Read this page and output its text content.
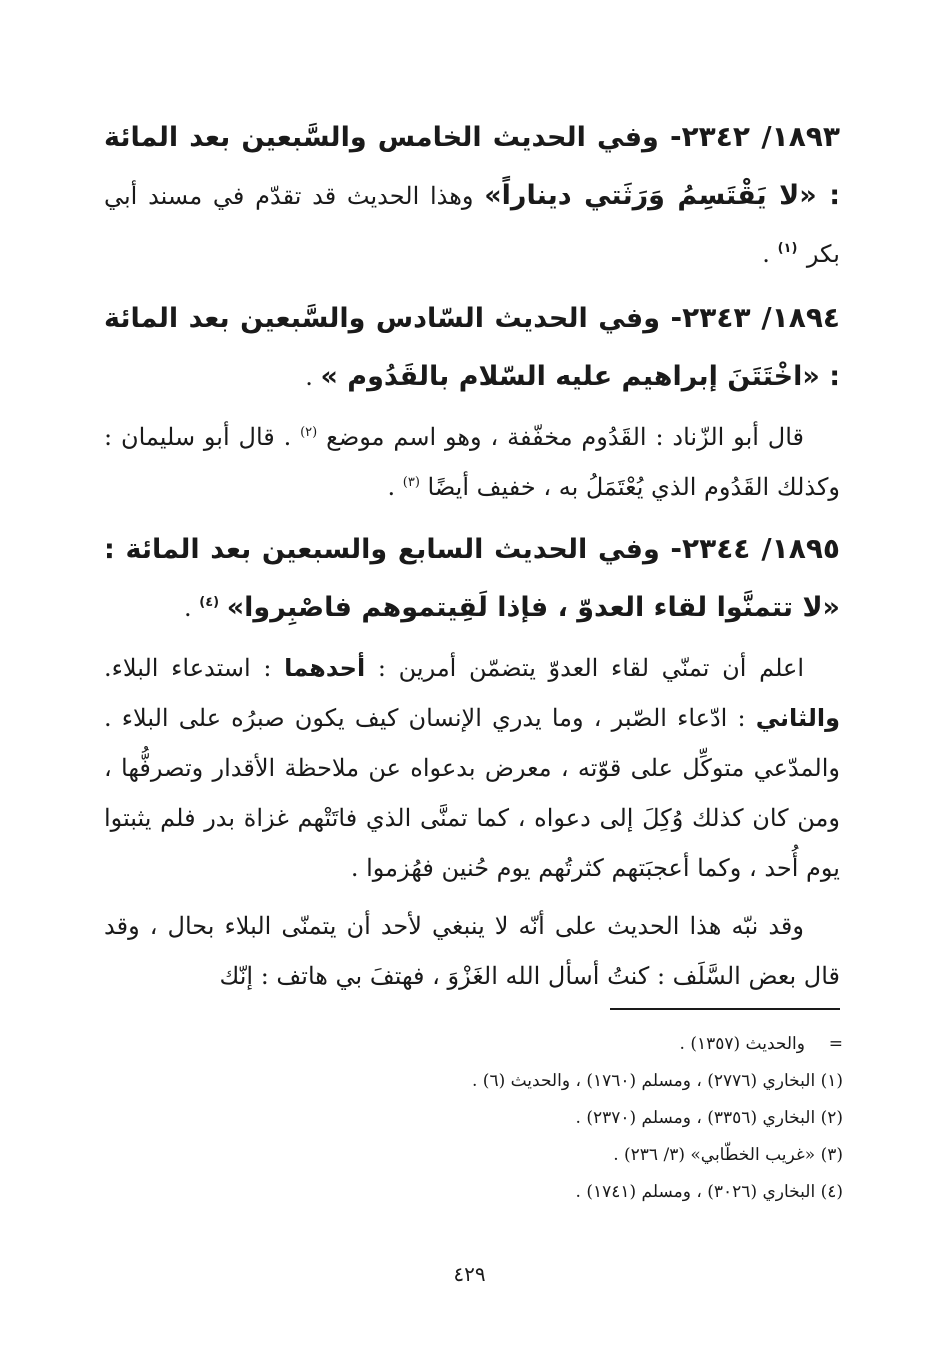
١٨٩٣/ ٢٣٤٢- وفي الحديث الخامس والسَّبعين بعد المائة : «لا يَقْتَسِمُ وَرَثَتي ديناراً» وهذا الحديث قد تقدّم في مسند أبي بكر $^{(١)}$ .

١٨٩٤/ ٢٣٤٣- وفي الحديث السّادس والسَّبعين بعد المائة : «اخْتَتَنَ إبراهيم عليه السّلام بالقَدُوم » .

قال أبو الزّناد : القَدُوم مخفّفة ، وهو اسم موضع $^{(٢)}$ . قال أبو سليمان : وكذلك القَدُوم الذي يُعْتَمَلُ به ، خفيف أيضًا $^{(٣)}$ .

١٨٩٥/ ٢٣٤٤- وفي الحديث السابع والسبعين بعد المائة : «لا تتمنَّوا لقاء العدوّ ، فإذا لَقِيتموهم فاصْبِروا» $^{(٤)}$ .

اعلم أن تمنّي لقاء العدوّ يتضمّن أمرين : أحدهما : استدعاء البلاء. والثاني : ادّعاء الصّبر ، وما يدري الإنسان كيف يكون صبرُه على البلاء . والمدّعي متوكِّل على قوّته ، معرض بدعواه عن ملاحظة الأقدار وتصرفُّها ، ومن كان كذلك وُكِلَ إلى دعواه ، كما تمنَّى الذي فاتَتْهم غزاة بدر فلم يثبتوا يوم أُحد ، وكما أعجبَتهم كثرتُهم يوم حُنين فهُزموا .

وقد نبّه هذا الحديث على أنّه لا ينبغي لأحد أن يتمنّى البلاء بحال ، وقد قال بعض السَّلَف : كنتُ أسأل الله الغَزْوَ ، فهتفَ بي هاتف : إنّك

=والحديث (١٣٥٧) .
(١) البخاري (٢٧٧٦) ، ومسلم (١٧٦٠) ، والحديث (٦) .
(٢) البخاري (٣٣٥٦) ، ومسلم (٢٣٧٠) .
(٣) «غريب الخطّابي» (٣/ ٢٣٦) .
(٤) البخاري (٣٠٢٦) ، ومسلم (١٧٤١) .
٤٢٩
